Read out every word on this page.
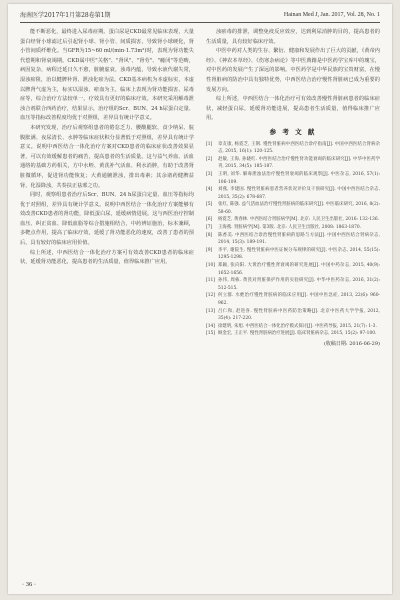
海南医学2017年1月第28卷第1期	Hainan Med J, Jan. 2017, Vol. 28, No. 1

能不断恶化，最终进入尿毒症期。蛋白尿是CKD最常见临床表现，大量蛋白经肾小球滤过后引起肾小球、肾小管、间质损害，导致肾小球硬化，肾小管间质纤维化。当GFR为15~60 ml/(min·1.73m²)时，表现为肾功能失代偿期和肾衰竭期。CKD属中医"关格"、"肾风"、"肾劳"、"癃闭"等范畴，病因复杂，病程迁延日久不愈，脏腑虚衰，浊毒内蕴，导致水液代谢失常，湿浊瘀阻，治以健脾补肾、泄浊化瘀为法。CKD基本病机为本虚标实，本虚以脾肾气虚为主，标实以湿浊、瘀血为主，临床上表现为肾功能损害、尿毒症等，综合治疗方法较单一，疗效具有更好的临床疗效。本研究采用解毒泄浊合剂联合西药治疗，结果显示，治疗组的Scr、BUN、24 h尿蛋白定量、血压等指标改善程度均优于对照组，差异具有统计学意义。

本研究发现，治疗后观察组患者的倦怠乏力、腰酸腿软、食少纳呆、脘腹胀满、夜尿清长、水肿等临床症状积分显著低于对照组，差异具有统计学意义。说明中西医结合一体化治疗方案对CKD患者的临床症状改善效果显著，可以有效缓解患者的痛苦，提高患者的生活质量。这与益气养血、活血通络的基础方药相关，方中水蛭、黄芪补气活血、利水消肿，有助于改善肾脏微循环，促进肾功能恢复；大黄通腑泄浊，排出毒素；其余诸药健脾益肾、化湿降浊，共奏扶正祛邪之功。

同时，观察组患者治疗后Scr、BUN、24 h尿蛋白定量、血压等指标均优于对照组，差异具有统计学意义。说明中西医结合一体化治疗方案能够有效改善CKD患者的肾功能，降低蛋白尿，延缓病情进展。这与西医治疗控制血压、纠正贫血、降低血脂等综合措施相结合，中药辨证施治，标本兼顾，多靶点作用，提高了临床疗效，延缓了肾功能恶化的速度，改善了患者的预后，具有较好的临床应用价值。

综上所述，中西医结合一体化治疗方案可有效改善CKD患者的临床症状，延缓肾功能恶化，提高患者的生活质量，值得临床推广应用。

浊瘀毒的排泄，调整免疫反应效应，达到利尿消肿的目的，提高患者的生活质量，具有较好临床疗效。

中医中药对人类的生存、繁衍、健康和发展作出了巨大的贡献，《黄帝内经》、《神农本草经》、《伤寒杂病论》等中医典籍是中医药学宝库中的瑰宝，对中医药的发展产生了深远的影响。中医药学是中华民族的宝贵财富，在慢性肾脏病的防治中具有独特优势，中西医结合治疗慢性肾脏病已成为重要的发展方向。

综上所述，中西医结合一体化治疗可有效改善慢性肾脏病患者的临床症状，减轻蛋白尿，延缓肾功能进展，提高患者生活质量，值得临床推广应用。

参 考 文 献
[1]	章友康, 杨霓芝, 王钢. 慢性肾脏病中西医结合诊疗指南[J]. 中国中西医结合肾病杂志, 2015, 16(1): 120-125.
[2]	赵敏, 王海, 孙晓红. 中西医结合治疗慢性肾功能衰竭的临床研究[J]. 中华中医药学刊, 2015, 34(5): 185-187.
[3]	王明, 刘华. 解毒泄浊法治疗慢性肾衰竭的临床观察[J]. 中医杂志, 2016, 57(1): 106-109.
[4]	刘燕, 李建国. 慢性肾脏病患者营养状况评价及干预研究[J]. 中国中西医结合杂志, 2015, 35(2): 678-687.
[5]	张红, 陈强. 益气活血法治疗慢性肾脏病的临床研究[J]. 中医临床研究, 2016, 8(2): 58-60.
[6]	杨霓芝, 黄春林. 中西医结合肾脏病学[M]. 北京: 人民卫生出版社, 2016: 132-136.
[7]	王海燕. 肾脏病学[M]. 第3版. 北京: 人民卫生出版社, 2008: 1863-1870.
[8]	陈香美. 中西医结合诊治慢性肾脏病的思路与方法[J]. 中国中西医结合肾病杂志, 2014, 15(3): 189-191.
[9]	李平, 谢院生. 慢性肾脏病中医证候分布规律的研究[J]. 中医杂志, 2014, 55(15): 1295-1298.
[10] 郑颖, 张向阳. 大黄治疗慢性肾衰竭的研究进展[J]. 中国中药杂志, 2015, 40(9): 1652-1656.
[11] 孙伟, 周栋. 黄芪对肾脏保护作用的实验研究[J]. 中华中医药杂志, 2016, 31(2): 512-515.
[12] 何立群. 水蛭治疗慢性肾脏病的临床应用[J]. 中国中医急症, 2013, 22(6): 960-962.
[13] 吕仁和, 赵进喜. 慢性肾脏病中医药防治策略[J]. 北京中医药大学学报, 2012, 35(4): 217-220.
[14] 徐建明, 朱旭. 中西医结合一体化治疗模式探讨[J]. 中医药导报, 2015, 21(7): 1-3.
[15] 顾金宏, 王正平. 慢性肾脏病治疗进展[J]. 临床肾脏病杂志, 2015, 15(2): 97-100.
(收稿日期: 2016-06-29)
· 36 ·
